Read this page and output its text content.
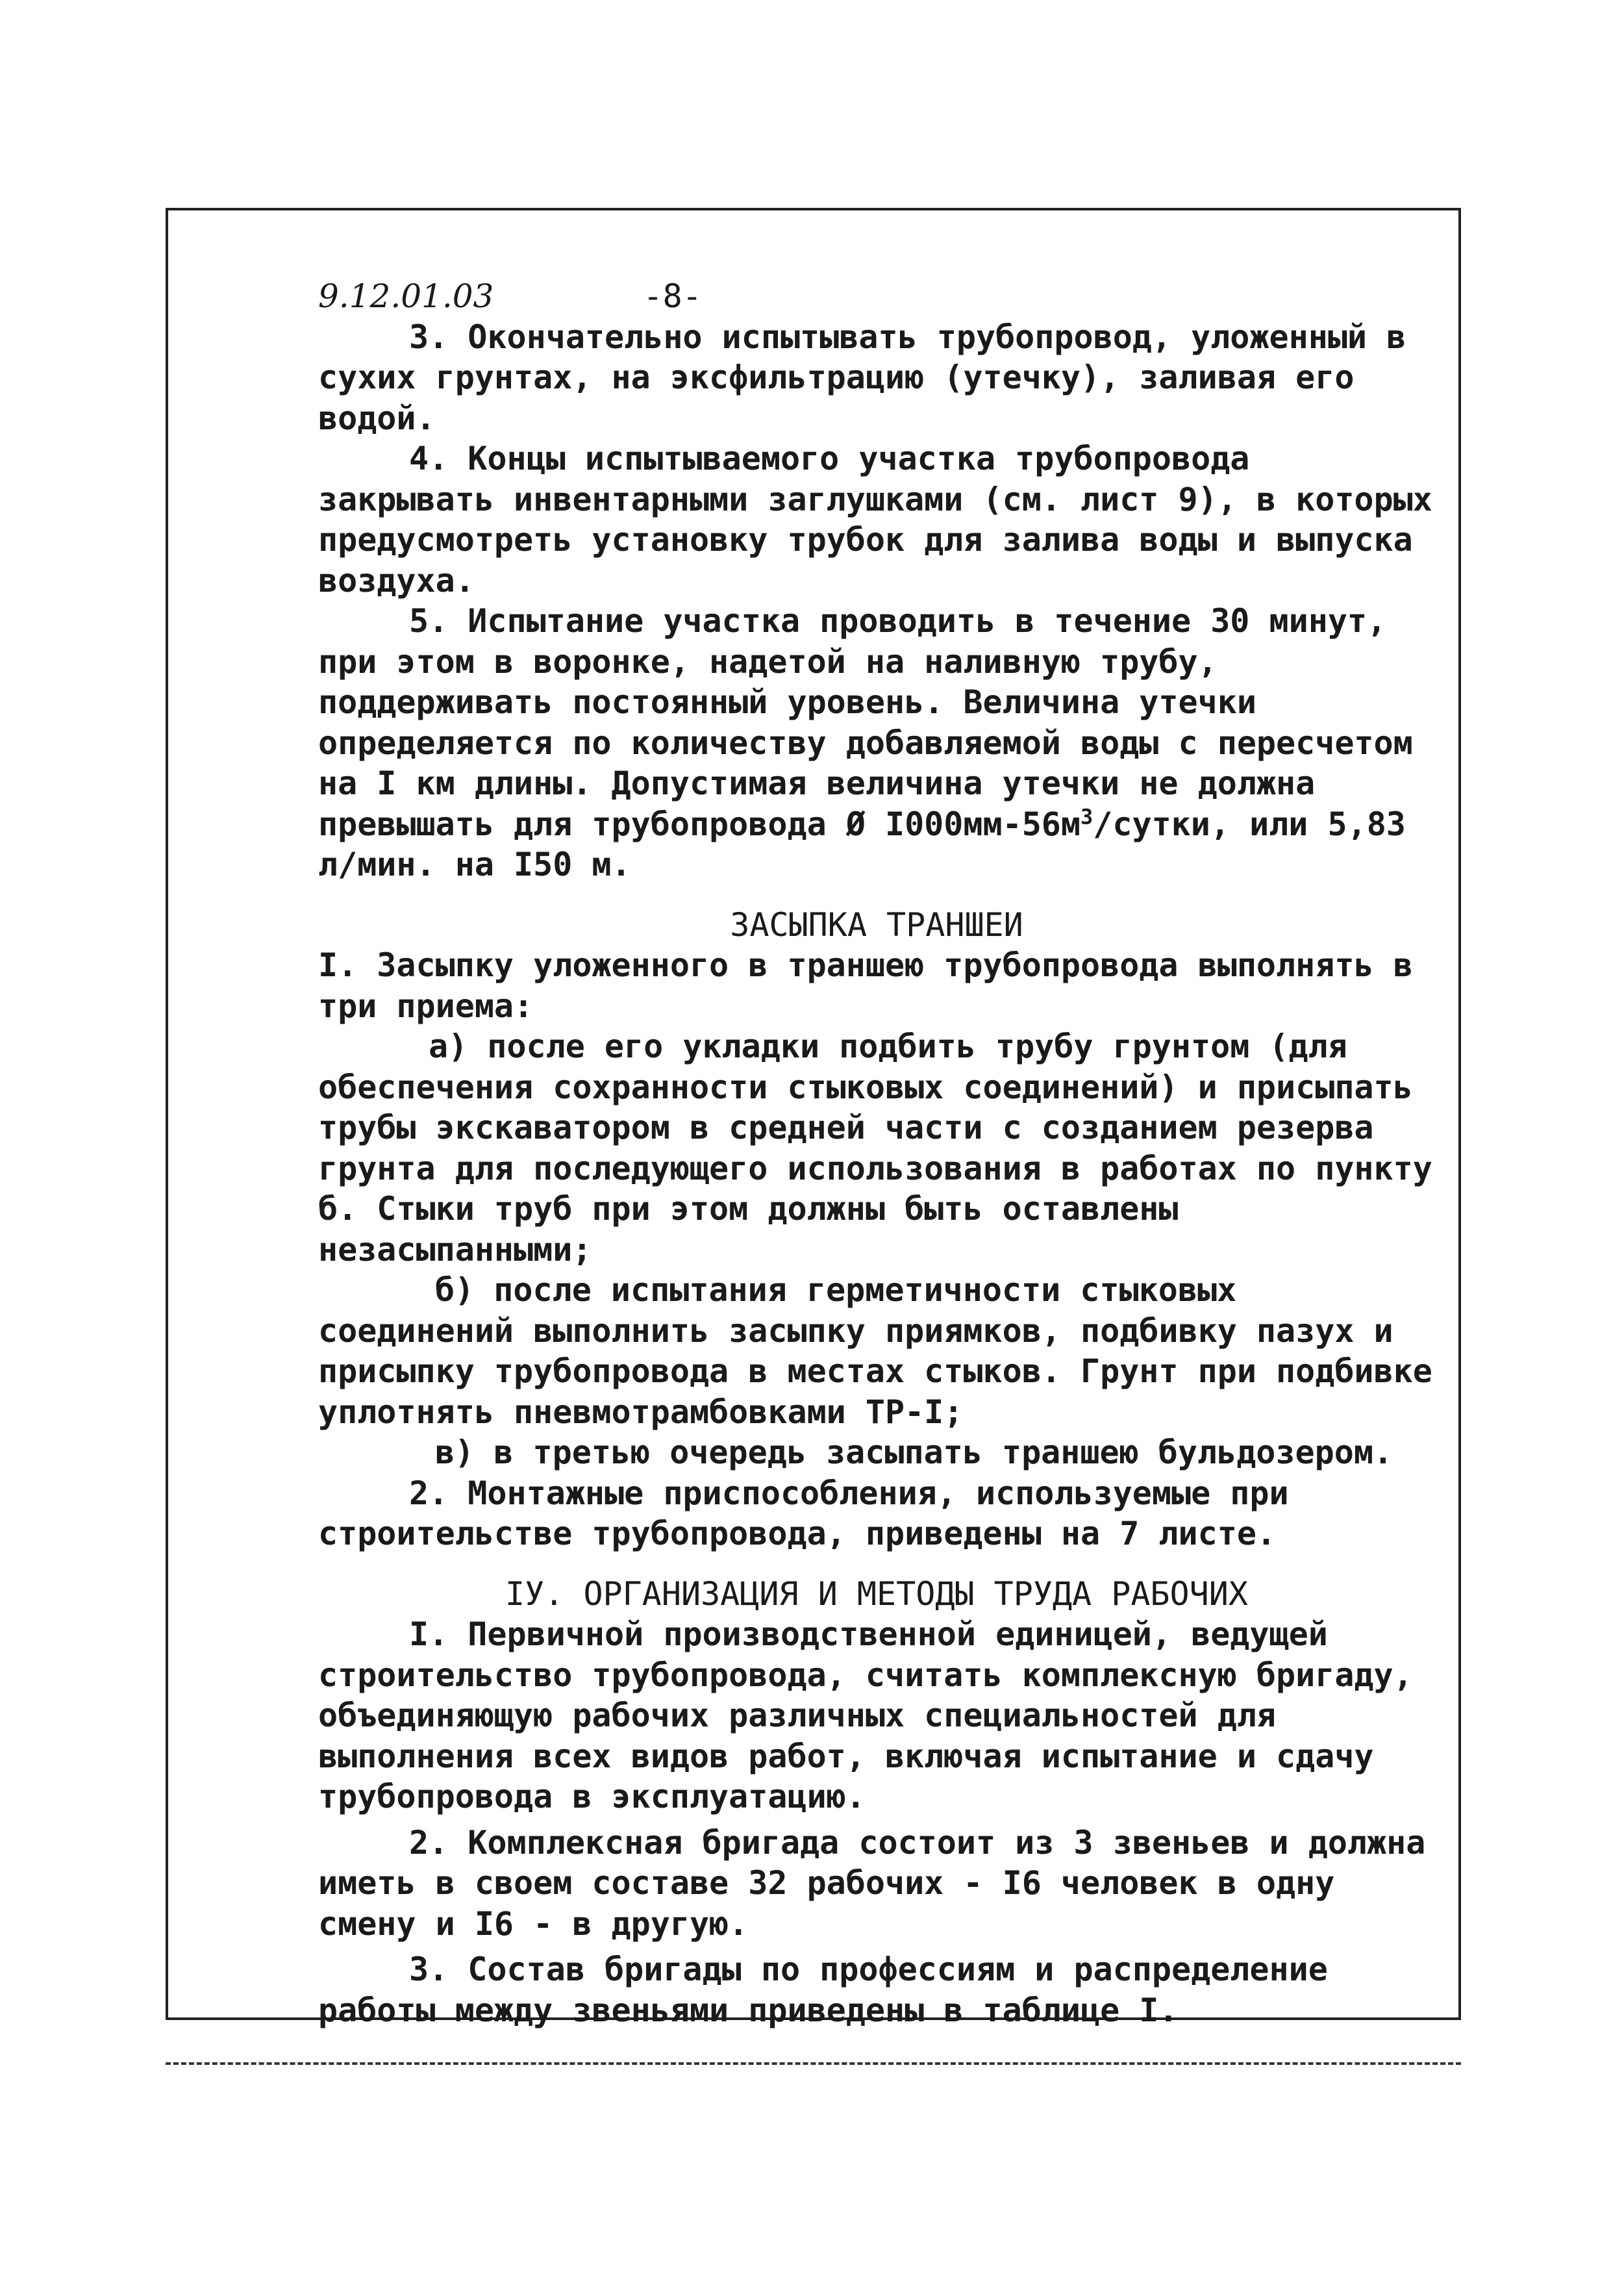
9.12.01.03	-8-

3. Окончательно испытывать трубопровод, уложенный в сухих грунтах, на эксфильтрацию (утечку), заливая его водой.

4. Концы испытываемого участка трубопровода закрывать инвентарными заглушками (см. лист 9), в которых предусмотреть установку трубок для залива воды и выпуска воздуха.

5. Испытание участка проводить в течение 30 минут, при этом в воронке, надетой на наливную трубу, поддерживать постоянный уровень. Величина утечки определяется по количеству добавляемой воды с пересчетом на I км длины. Допустимая величина утечки не должна превышать для трубопровода Ø $I000мм-56м^3$/сутки, или 5,83 л/мин. на I50 м.

ЗАСЫПКА ТРАНШЕИ

I. Засыпку уложенного в траншею трубопровода выполнять в три приема:

а) после его укладки подбить трубу грунтом (для обеспечения сохранности стыковых соединений) и присыпать трубы экскаватором в средней части с созданием резерва грунта для последующего использования в работах по пункту б. Стыки труб при этом должны быть оставлены незасыпанными;

б) после испытания герметичности стыковых соединений выполнить засыпку приямков, подбивку пазух и присыпку трубопровода в местах стыков. Грунт при подбивке уплотнять пневмотрамбовками ТР-I;

в) в третью очередь засыпать траншею бульдозером.

2. Монтажные приспособления, используемые при строительстве трубопровода, приведены на 7 листе.

IУ. ОРГАНИЗАЦИЯ И МЕТОДЫ ТРУДА РАБОЧИХ

I. Первичной производственной единицей, ведущей строительство трубопровода, считать комплексную бригаду, объединяющую рабочих различных специальностей для выполнения всех видов работ, включая испытание и сдачу трубопровода в эксплуатацию.

2. Комплексная бригада состоит из 3 звеньев и должна иметь в своем составе 32 рабочих - I6 человек в одну смену и I6 - в другую.

3. Состав бригады по профессиям и распределение работы между звеньями приведены в таблице I.
